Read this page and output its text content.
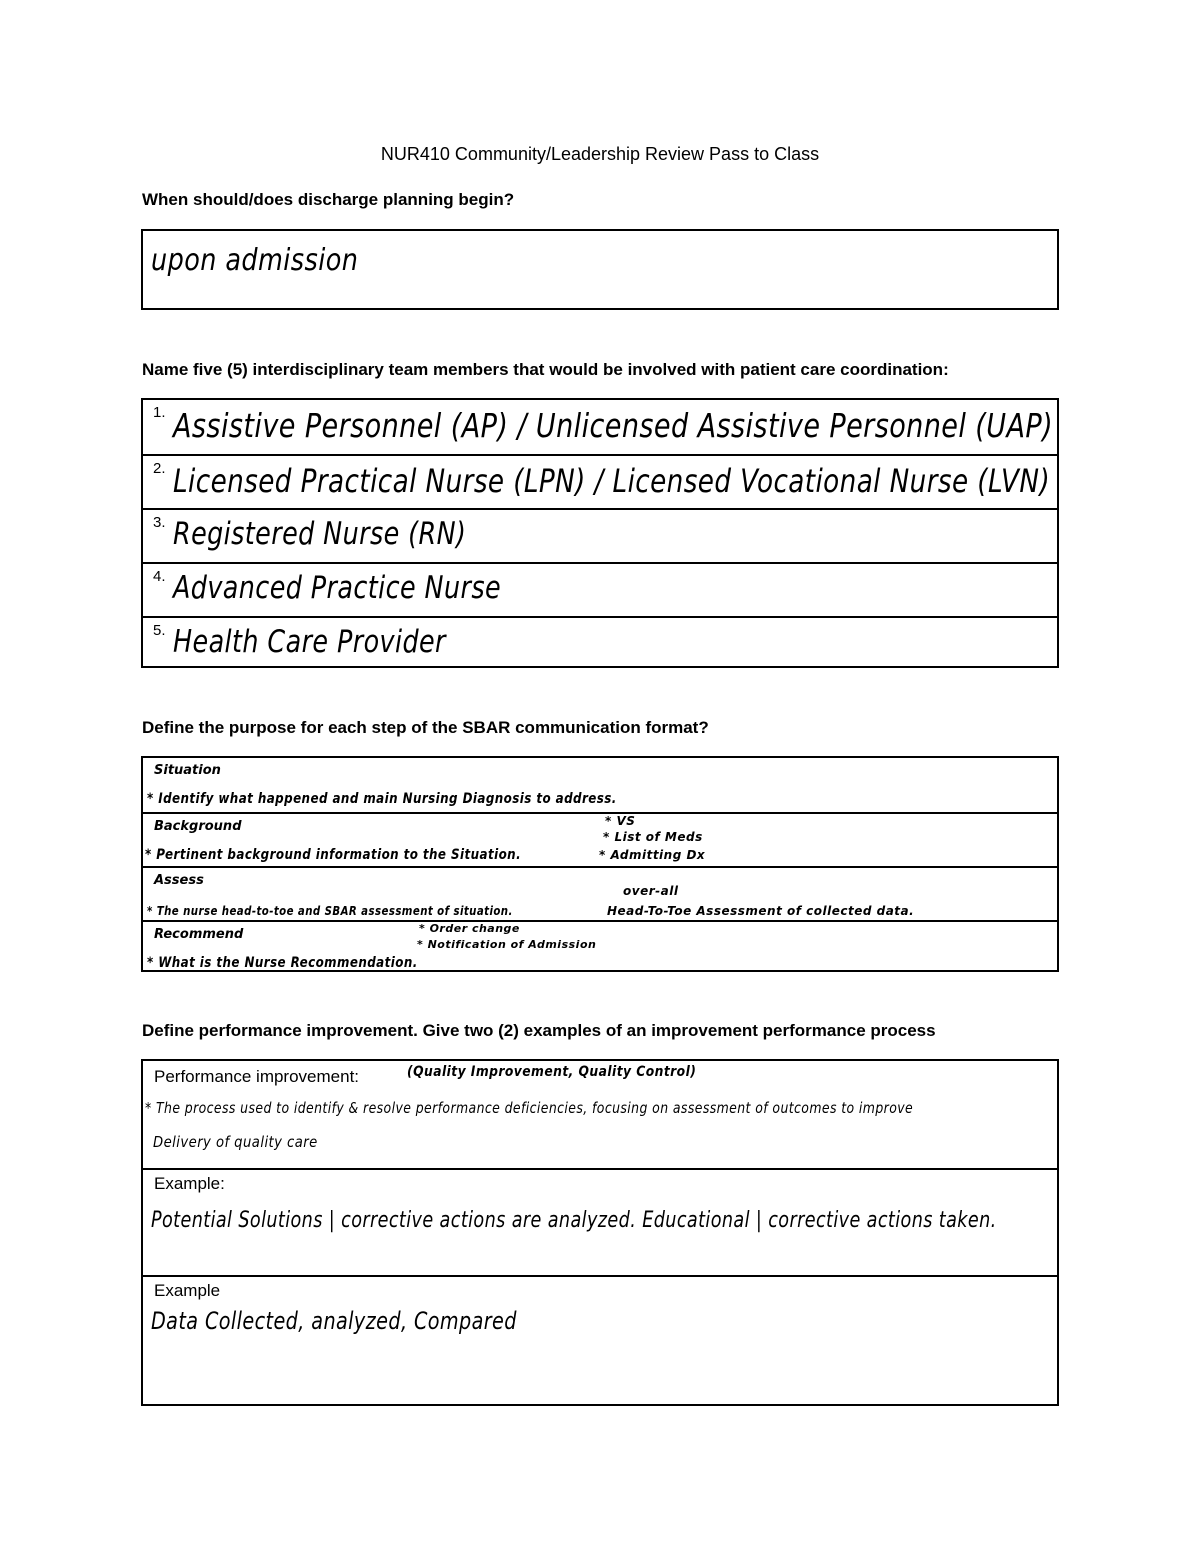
NUR410 Community/Leadership Review Pass to Class
When should/does discharge planning begin?
upon admission
Name five (5) interdisciplinary team members that would be involved with patient care coordination:
1. Assistive Personnel (AP) / Unlicensed Assistive Personnel (UAP)
2. Licensed Practical Nurse (LPN) / Licensed Vocational Nurse (LVN)
3. Registered Nurse (RN)
4. Advanced Practice Nurse
5. Health Care Provider
Define the purpose for each step of the SBAR communication format?
Situation
* Identify what happened and main Nursing Diagnosis to address.
Background
* Pertinent background information to the Situation.
* VS
* List of Meds
* Admitting Dx
Assess
* The nurse head-to-toe and SBAR assessment of situation.
over-all
Head-To-Toe Assessment of collected data.
Recommend
* What is the Nurse Recommendation.
* Order change
* Notification of Admission
Define performance improvement. Give two (2) examples of an improvement performance process
Performance improvement:	(Quality Improvement, Quality Control)
* The process used to identify & resolve performance deficiencies, focusing on assessment of outcomes to improve
Delivery of quality care
Example:
Potential Solutions | corrective actions are analyzed. Educational | corrective actions taken.
Example
Data Collected, analyzed, Compared
